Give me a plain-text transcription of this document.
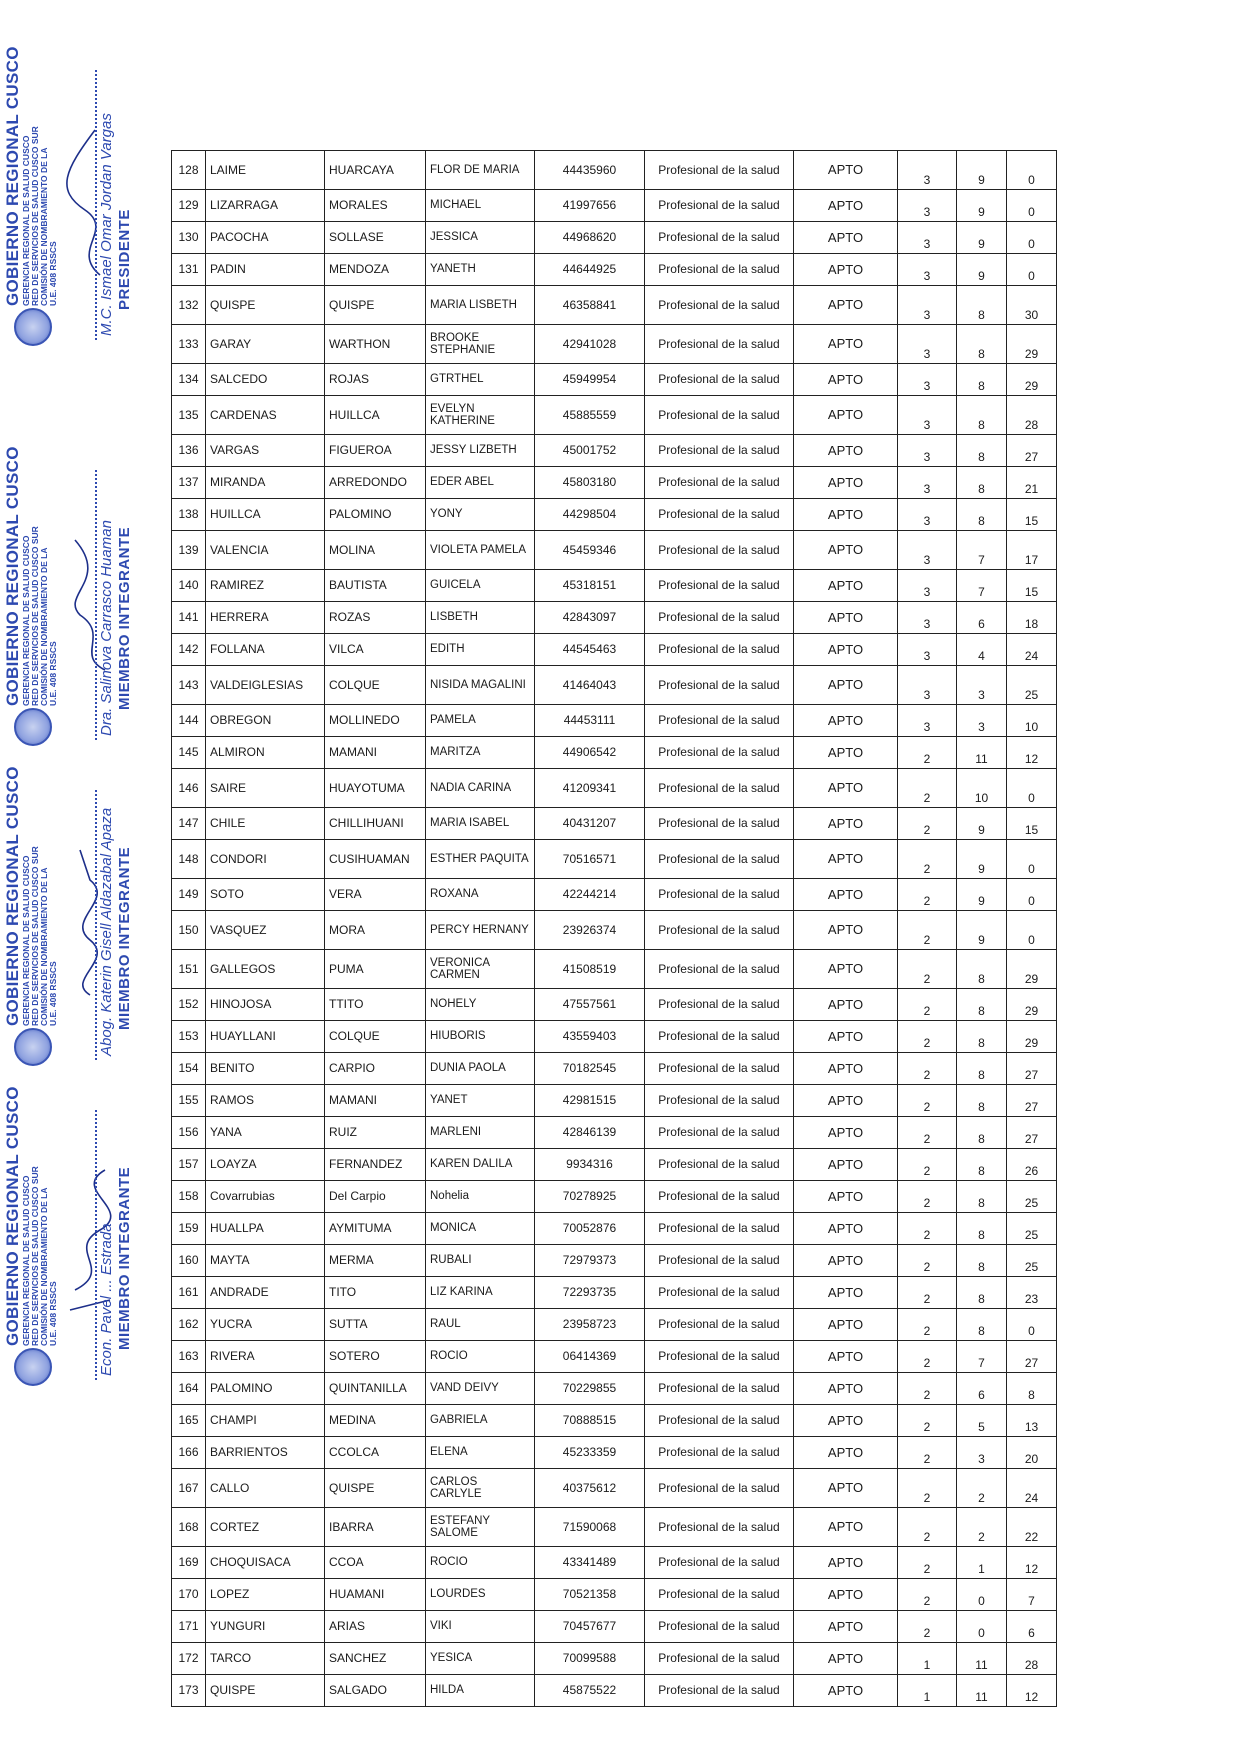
GOBIERNO REGIONAL CUSCO
GERENCIA REGIONAL DE SALUD CUSCO
RED DE SERVICIOS DE SALUD CUSCO SUR
COMISIÓN DE NOMBRAMIENTO DE LA
U.E. 408 RSSCS	M.C. Ismael Omar Jordan Vargas PRESIDENTE
GOBIERNO REGIONAL CUSCO
GERENCIA REGIONAL DE SALUD CUSCO
RED DE SERVICIOS DE SALUD CUSCO SUR
COMISIÓN DE NOMBRAMIENTO DE LA
U.E. 408 RSSCS	Dra. Salinova Carrasco Huaman MIEMBRO INTEGRANTE
GOBIERNO REGIONAL CUSCO
GERENCIA REGIONAL DE SALUD CUSCO
RED DE SERVICIOS DE SALUD CUSCO SUR
COMISIÓN DE NOMBRAMIENTO DE LA
U.E. 408 RSSCS	Abog. Katerin Gisell Aldazabal Apaza MIEMBRO INTEGRANTE
GOBIERNO REGIONAL CUSCO
GERENCIA REGIONAL DE SALUD CUSCO
RED DE SERVICIOS DE SALUD CUSCO SUR
COMISIÓN DE NOMBRAMIENTO DE LA
U.E. 408 RSSCS	Econ. Pavel ... Estrada MIEMBRO INTEGRANTE
128	LAIME	HUARCAYA	FLOR DE MARIA	44435960	Profesional de la salud	APTO	3	9	0
129	LIZARRAGA	MORALES	MICHAEL	41997656	Profesional de la salud	APTO	3	9	0
130	PACOCHA	SOLLASE	JESSICA	44968620	Profesional de la salud	APTO	3	9	0
131	PADIN	MENDOZA	YANETH	44644925	Profesional de la salud	APTO	3	9	0
132	QUISPE	QUISPE	MARIA LISBETH	46358841	Profesional de la salud	APTO	3	8	30
133	GARAY	WARTHON	BROOKE STEPHANIE	42941028	Profesional de la salud	APTO	3	8	29
134	SALCEDO	ROJAS	GTRTHEL	45949954	Profesional de la salud	APTO	3	8	29
135	CARDENAS	HUILLCA	EVELYN KATHERINE	45885559	Profesional de la salud	APTO	3	8	28
136	VARGAS	FIGUEROA	JESSY LIZBETH	45001752	Profesional de la salud	APTO	3	8	27
137	MIRANDA	ARREDONDO	EDER ABEL	45803180	Profesional de la salud	APTO	3	8	21
138	HUILLCA	PALOMINO	YONY	44298504	Profesional de la salud	APTO	3	8	15
139	VALENCIA	MOLINA	VIOLETA PAMELA	45459346	Profesional de la salud	APTO	3	7	17
140	RAMIREZ	BAUTISTA	GUICELA	45318151	Profesional de la salud	APTO	3	7	15
141	HERRERA	ROZAS	LISBETH	42843097	Profesional de la salud	APTO	3	6	18
142	FOLLANA	VILCA	EDITH	44545463	Profesional de la salud	APTO	3	4	24
143	VALDEIGLESIAS	COLQUE	NISIDA MAGALINI	41464043	Profesional de la salud	APTO	3	3	25
144	OBREGON	MOLLINEDO	PAMELA	44453111	Profesional de la salud	APTO	3	3	10
145	ALMIRON	MAMANI	MARITZA	44906542	Profesional de la salud	APTO	2	11	12
146	SAIRE	HUAYOTUMA	NADIA CARINA	41209341	Profesional de la salud	APTO	2	10	0
147	CHILE	CHILLIHUANI	MARIA ISABEL	40431207	Profesional de la salud	APTO	2	9	15
148	CONDORI	CUSIHUAMAN	ESTHER PAQUITA	70516571	Profesional de la salud	APTO	2	9	0
149	SOTO	VERA	ROXANA	42244214	Profesional de la salud	APTO	2	9	0
150	VASQUEZ	MORA	PERCY HERNANY	23926374	Profesional de la salud	APTO	2	9	0
151	GALLEGOS	PUMA	VERONICA CARMEN	41508519	Profesional de la salud	APTO	2	8	29
152	HINOJOSA	TTITO	NOHELY	47557561	Profesional de la salud	APTO	2	8	29
153	HUAYLLANI	COLQUE	HIUBORIS	43559403	Profesional de la salud	APTO	2	8	29
154	BENITO	CARPIO	DUNIA PAOLA	70182545	Profesional de la salud	APTO	2	8	27
155	RAMOS	MAMANI	YANET	42981515	Profesional de la salud	APTO	2	8	27
156	YANA	RUIZ	MARLENI	42846139	Profesional de la salud	APTO	2	8	27
157	LOAYZA	FERNANDEZ	KAREN DALILA	9934316	Profesional de la salud	APTO	2	8	26
158	Covarrubias	Del Carpio	Nohelia	70278925	Profesional de la salud	APTO	2	8	25
159	HUALLPA	AYMITUMA	MONICA	70052876	Profesional de la salud	APTO	2	8	25
160	MAYTA	MERMA	RUBALI	72979373	Profesional de la salud	APTO	2	8	25
161	ANDRADE	TITO	LIZ KARINA	72293735	Profesional de la salud	APTO	2	8	23
162	YUCRA	SUTTA	RAUL	23958723	Profesional de la salud	APTO	2	8	0
163	RIVERA	SOTERO	ROCIO	06414369	Profesional de la salud	APTO	2	7	27
164	PALOMINO	QUINTANILLA	VAND DEIVY	70229855	Profesional de la salud	APTO	2	6	8
165	CHAMPI	MEDINA	GABRIELA	70888515	Profesional de la salud	APTO	2	5	13
166	BARRIENTOS	CCOLCA	ELENA	45233359	Profesional de la salud	APTO	2	3	20
167	CALLO	QUISPE	CARLOS CARLYLE	40375612	Profesional de la salud	APTO	2	2	24
168	CORTEZ	IBARRA	ESTEFANY SALOME	71590068	Profesional de la salud	APTO	2	2	22
169	CHOQUISACA	CCOA	ROCIO	43341489	Profesional de la salud	APTO	2	1	12
170	LOPEZ	HUAMANI	LOURDES	70521358	Profesional de la salud	APTO	2	0	7
171	YUNGURI	ARIAS	VIKI	70457677	Profesional de la salud	APTO	2	0	6
172	TARCO	SANCHEZ	YESICA	70099588	Profesional de la salud	APTO	1	11	28
173	QUISPE	SALGADO	HILDA	45875522	Profesional de la salud	APTO	1	11	12
